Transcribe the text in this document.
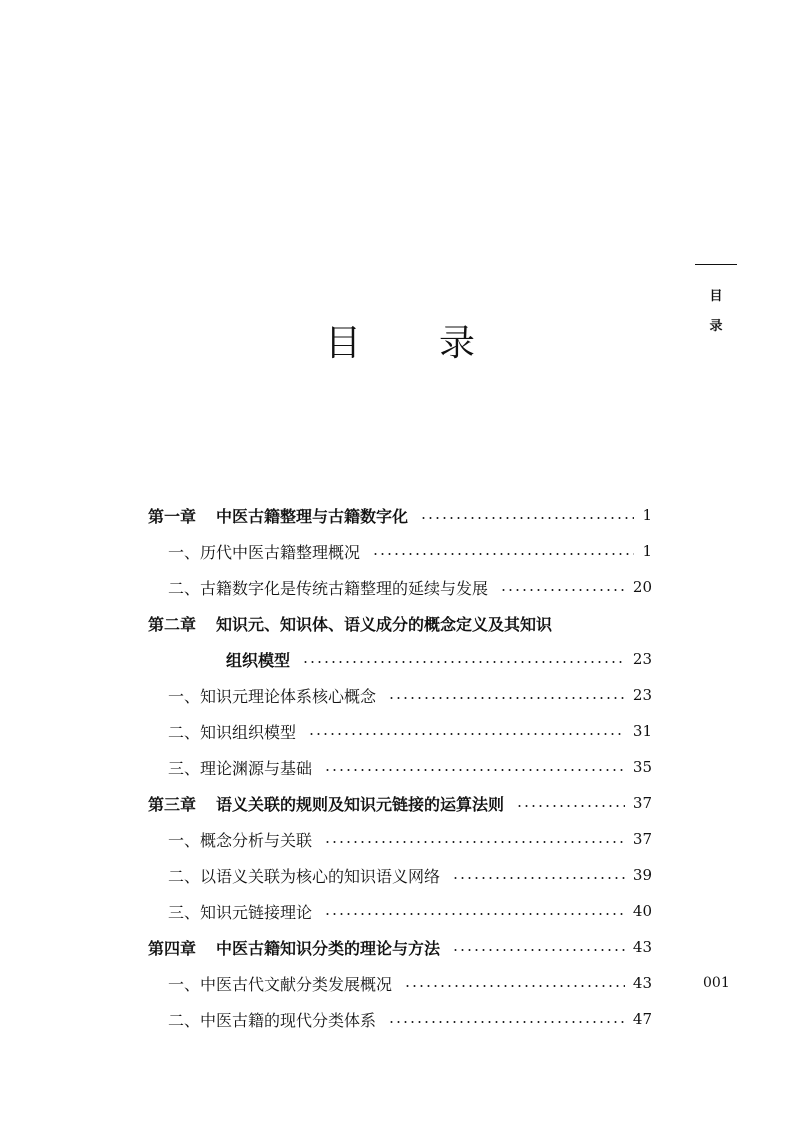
目 录
目
录
001
第一章 中医古籍整理与古籍数字化	1
一、历代中医古籍整理概况	1
二、古籍数字化是传统古籍整理的延续与发展	20
第二章 知识元、知识体、语义成分的概念定义及其知识
组织模型	23
一、知识元理论体系核心概念	23
二、知识组织模型	31
三、理论渊源与基础	35
第三章 语义关联的规则及知识元链接的运算法则	37
一、概念分析与关联	37
二、以语义关联为核心的知识语义网络	39
三、知识元链接理论	40
第四章 中医古籍知识分类的理论与方法	43
一、中医古代文献分类发展概况	43
二、中医古籍的现代分类体系	47
